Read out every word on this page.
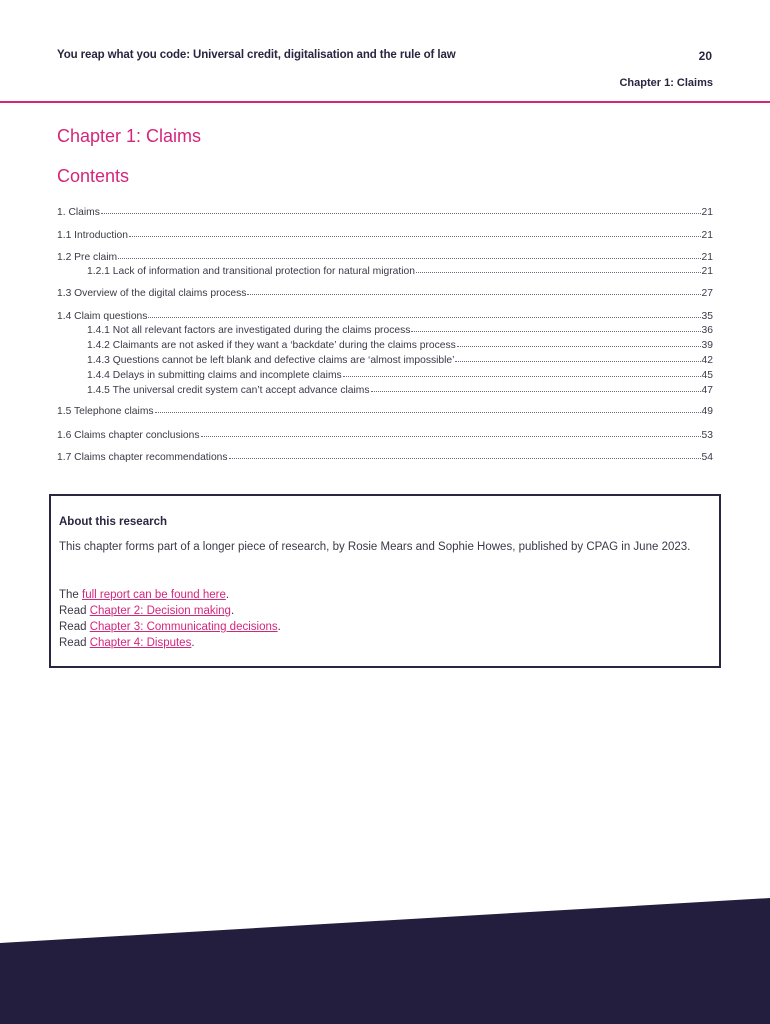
You reap what you code: Universal credit, digitalisation and the rule of law	20
Chapter 1: Claims
Chapter 1: Claims
Contents
1. Claims	21
1.1 Introduction	21
1.2 Pre claim	21
1.2.1 Lack of information and transitional protection for natural migration	21
1.3 Overview of the digital claims process	27
1.4 Claim questions	35
1.4.1 Not all relevant factors are investigated during the claims process	36
1.4.2 Claimants are not asked if they want a ‘backdate’ during the claims process	39
1.4.3 Questions cannot be left blank and defective claims are ‘almost impossible’	42
1.4.4 Delays in submitting claims and incomplete claims	45
1.4.5 The universal credit system can’t accept advance claims	47
1.5 Telephone claims	49
1.6 Claims chapter conclusions	53
1.7 Claims chapter recommendations	54
About this research
This chapter forms part of a longer piece of research, by Rosie Mears and Sophie Howes, published by CPAG in June 2023.
The full report can be found here.
Read Chapter 2: Decision making.
Read Chapter 3: Communicating decisions.
Read Chapter 4: Disputes.
